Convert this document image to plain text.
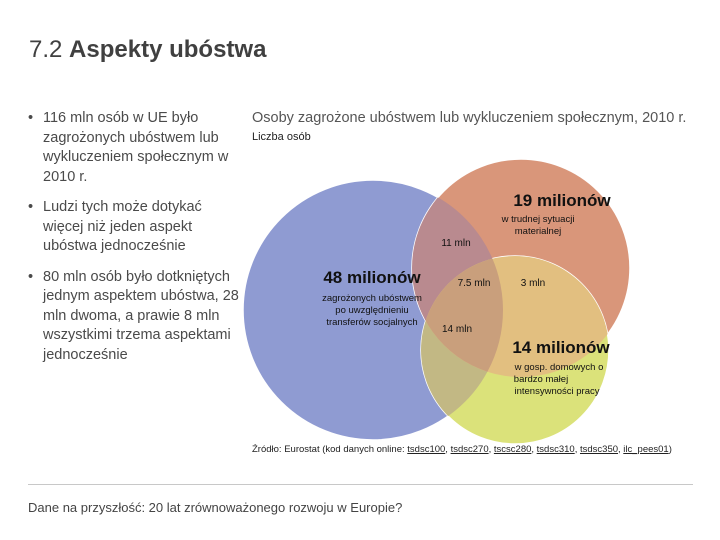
7.2 Aspekty ubóstwa
• 116 mln osób w UE było zagrożonych ubóstwem lub wykluczeniem społecznym w 2010 r.
• Ludzi tych może dotykać więcej niż jeden aspekt ubóstwa jednocześnie
• 80 mln osób było dotkniętych jednym aspektem ubóstwa, 28 mln dwoma, a prawie 8 mln wszystkimi trzema aspektami jednocześnie
Osoby zagrożone ubóstwem lub wykluczeniem społecznym, 2010 r.
Liczba osób
48 milionów
zagrożonych ubóstwem
po uwzględnieniu
transferów socjalnych
19 milionów
w trudnej sytuacji
materialnej
14 milionów
w gosp. domowych o
bardzo małej
intensywności pracy
11 mln
7.5 mln	3 mln
14 mln
Źródło: Eurostat (kod danych online: tsdsc100, tsdsc270, tscsc280, tsdsc310, tsdsc350, ilc_pees01)
Dane na przyszłość: 20 lat zrównoważonego rozwoju w Europie?
